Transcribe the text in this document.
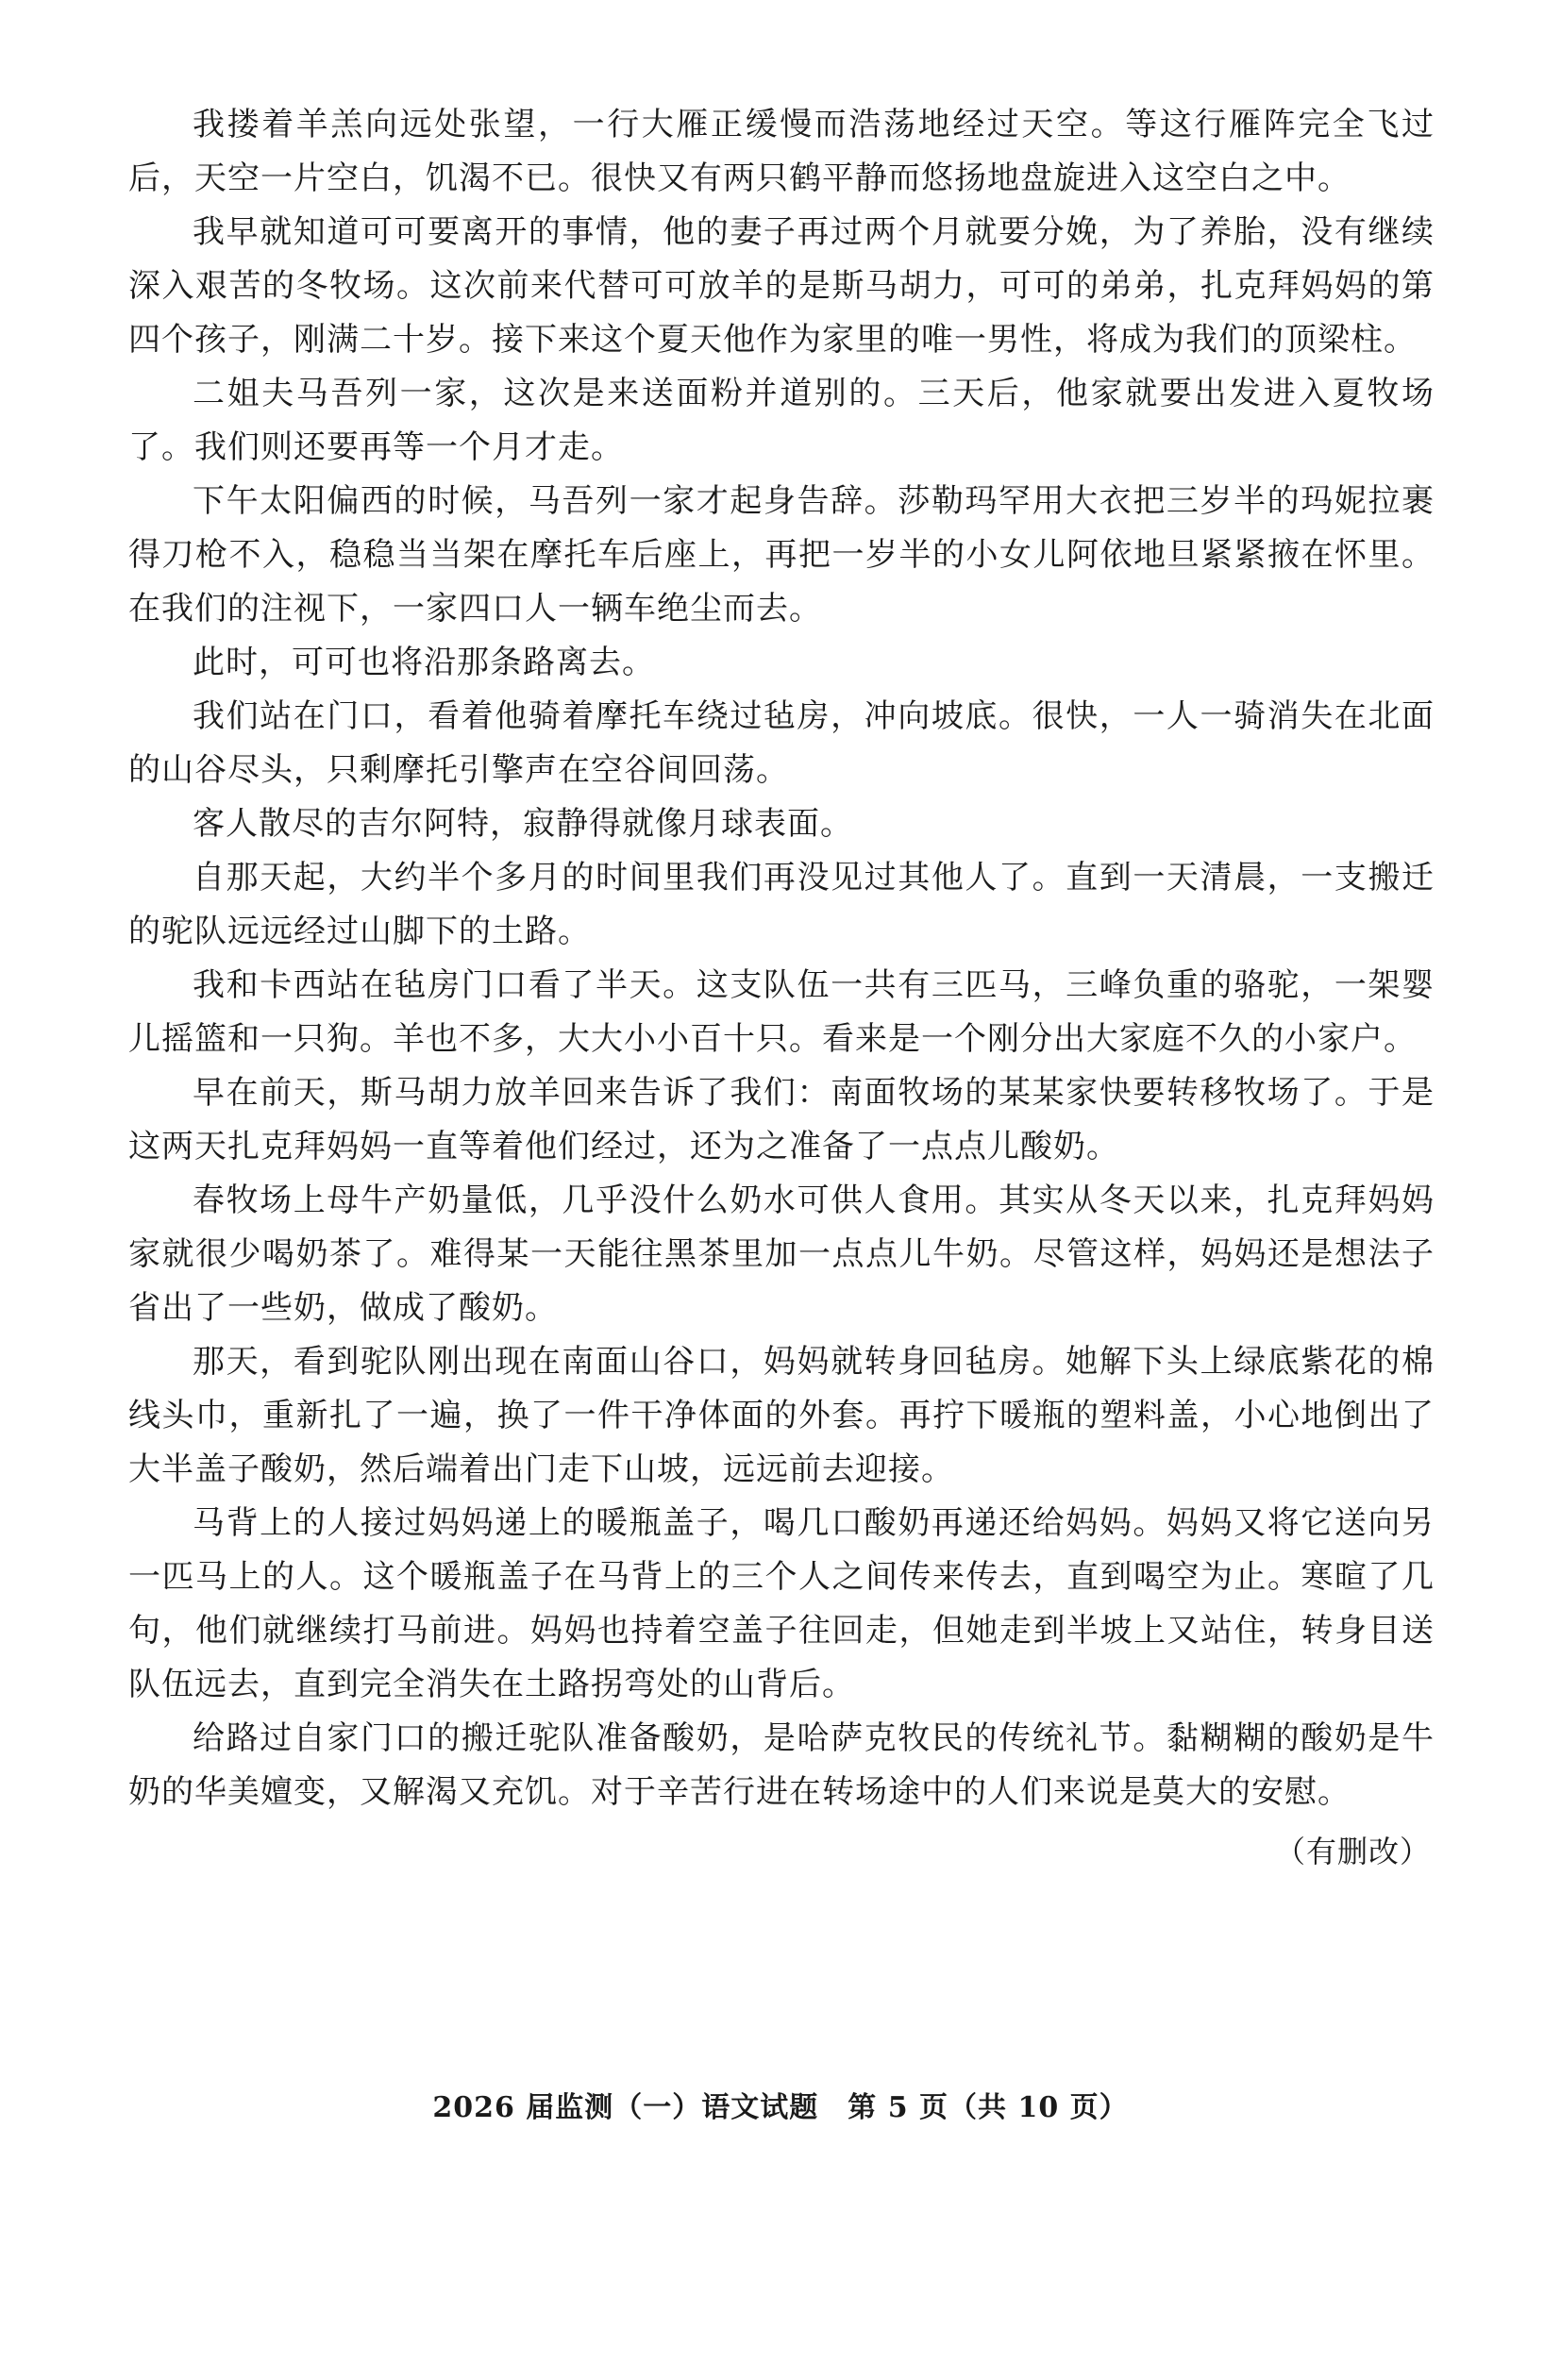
我搂着羊羔向远处张望，一行大雁正缓慢而浩荡地经过天空。等这行雁阵完全飞过后，天空一片空白，饥渴不已。很快又有两只鹤平静而悠扬地盘旋进入这空白之中。

我早就知道可可要离开的事情，他的妻子再过两个月就要分娩，为了养胎，没有继续深入艰苦的冬牧场。这次前来代替可可放羊的是斯马胡力，可可的弟弟，扎克拜妈妈的第四个孩子，刚满二十岁。接下来这个夏天他作为家里的唯一男性，将成为我们的顶梁柱。

二姐夫马吾列一家，这次是来送面粉并道别的。三天后，他家就要出发进入夏牧场了。我们则还要再等一个月才走。

下午太阳偏西的时候，马吾列一家才起身告辞。莎勒玛罕用大衣把三岁半的玛妮拉裹得刀枪不入，稳稳当当架在摩托车后座上，再把一岁半的小女儿阿依地旦紧紧掖在怀里。在我们的注视下，一家四口人一辆车绝尘而去。

此时，可可也将沿那条路离去。

我们站在门口，看着他骑着摩托车绕过毡房，冲向坡底。很快，一人一骑消失在北面的山谷尽头，只剩摩托引擎声在空谷间回荡。

客人散尽的吉尔阿特，寂静得就像月球表面。

自那天起，大约半个多月的时间里我们再没见过其他人了。直到一天清晨，一支搬迁的驼队远远经过山脚下的土路。

我和卡西站在毡房门口看了半天。这支队伍一共有三匹马，三峰负重的骆驼，一架婴儿摇篮和一只狗。羊也不多，大大小小百十只。看来是一个刚分出大家庭不久的小家户。

早在前天，斯马胡力放羊回来告诉了我们：南面牧场的某某家快要转移牧场了。于是这两天扎克拜妈妈一直等着他们经过，还为之准备了一点点儿酸奶。

春牧场上母牛产奶量低，几乎没什么奶水可供人食用。其实从冬天以来，扎克拜妈妈家就很少喝奶茶了。难得某一天能往黑茶里加一点点儿牛奶。尽管这样，妈妈还是想法子省出了一些奶，做成了酸奶。

那天，看到驼队刚出现在南面山谷口，妈妈就转身回毡房。她解下头上绿底紫花的棉线头巾，重新扎了一遍，换了一件干净体面的外套。再拧下暖瓶的塑料盖，小心地倒出了大半盖子酸奶，然后端着出门走下山坡，远远前去迎接。

马背上的人接过妈妈递上的暖瓶盖子，喝几口酸奶再递还给妈妈。妈妈又将它送向另一匹马上的人。这个暖瓶盖子在马背上的三个人之间传来传去，直到喝空为止。寒暄了几句，他们就继续打马前进。妈妈也持着空盖子往回走，但她走到半坡上又站住，转身目送队伍远去，直到完全消失在土路拐弯处的山背后。

给路过自家门口的搬迁驼队准备酸奶，是哈萨克牧民的传统礼节。黏糊糊的酸奶是牛奶的华美嬗变，又解渴又充饥。对于辛苦行进在转场途中的人们来说是莫大的安慰。

（有删改）
2026 届监测（一）语文试题　第 5 页（共 10 页）
